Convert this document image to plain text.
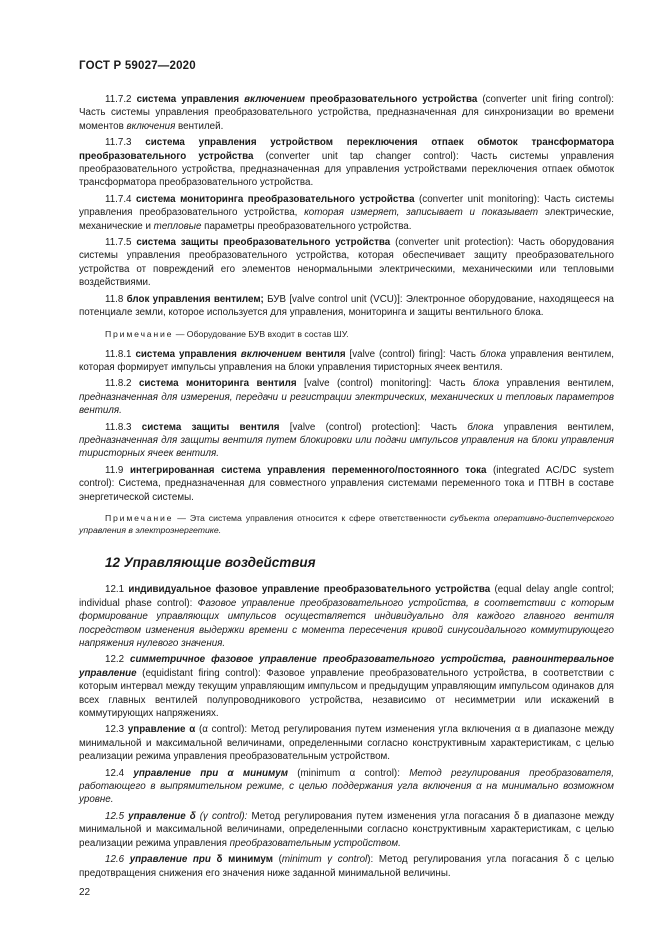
ГОСТ Р 59027—2020

11.7.2 система управления включением преобразовательного устройства (converter unit firing control): Часть системы управления преобразовательного устройства, предназначенная для синхронизации во времени моментов включения вентилей.

11.7.3 система управления устройством переключения отпаек обмоток трансформатора преобразовательного устройства (converter unit tap changer control): Часть системы управления преобразовательного устройства, предназначенная для управления устройствами переключения отпаек обмоток трансформатора преобразовательного устройства.

11.7.4 система мониторинга преобразовательного устройства (converter unit monitoring): Часть системы управления преобразовательного устройства, которая измеряет, записывает и показывает электрические, механические и тепловые параметры преобразовательного устройства.

11.7.5 система защиты преобразовательного устройства (converter unit protection): Часть оборудования системы управления преобразовательного устройства, которая обеспечивает защиту преобразовательного устройства от повреждений его элементов ненормальными электрическими, механическими или тепловыми воздействиями.

11.8 блок управления вентилем; БУВ [valve control unit (VCU)]: Электронное оборудование, находящееся на потенциале земли, которое используется для управления, мониторинга и защиты вентильного блока.

Примечание — Оборудование БУВ входит в состав ШУ.

11.8.1 система управления включением вентиля [valve (control) firing]: Часть блока управления вентилем, которая формирует импульсы управления на блоки управления тиристорных ячеек вентиля.

11.8.2 система мониторинга вентиля [valve (control) monitoring]: Часть блока управления вентилем, предназначенная для измерения, передачи и регистрации электрических, механических и тепловых параметров вентиля.

11.8.3 система защиты вентиля [valve (control) protection]: Часть блока управления вентилем, предназначенная для защиты вентиля путем блокировки или подачи импульсов управления на блоки управления тиристорных ячеек вентиля.

11.9 интегрированная система управления переменного/постоянного тока (integrated AC/DC system control): Система, предназначенная для совместного управления системами переменного тока и ПТВН в составе энергетической системы.

Примечание — Эта система управления относится к сфере ответственности субъекта оперативно-диспетчерского управления в электроэнергетике.

12 Управляющие воздействия

12.1 индивидуальное фазовое управление преобразовательного устройства (equal delay angle control; individual phase control): Фазовое управление преобразовательного устройства, в соответствии с которым формирование управляющих импульсов осуществляется индивидуально для каждого главного вентиля посредством изменения выдержки времени с момента пересечения кривой синусоидального коммутирующего напряжения нулевого значения.

12.2 симметричное фазовое управление преобразовательного устройства, равноинтервальное управление (equidistant firing control): Фазовое управление преобразовательного устройства, в соответствии с которым интервал между текущим управляющим импульсом и предыдущим управляющим импульсом одинаков для всех главных вентилей полупроводникового устройства, независимо от несимметрии или искажений в коммутирующих напряжениях.

12.3 управление α (α control): Метод регулирования путем изменения угла включения α в диапазоне между минимальной и максимальной величинами, определенными согласно конструктивным характеристикам, с целью реализации режима управления преобразовательным устройством.

12.4 управление при α минимум (minimum α control): Метод регулирования преобразователя, работающего в выпрямительном режиме, с целью поддержания угла включения α на минимально возможном уровне.

12.5 управление δ (γ control): Метод регулирования путем изменения угла погасания δ в диапазоне между минимальной и максимальной величинами, определенными согласно конструктивным характеристикам, с целью реализации режима управления преобразовательным устройством.

12.6 управление при δ минимум (minimum γ control): Метод регулирования угла погасания δ с целью предотвращения снижения его значения ниже заданной минимальной величины.

22
